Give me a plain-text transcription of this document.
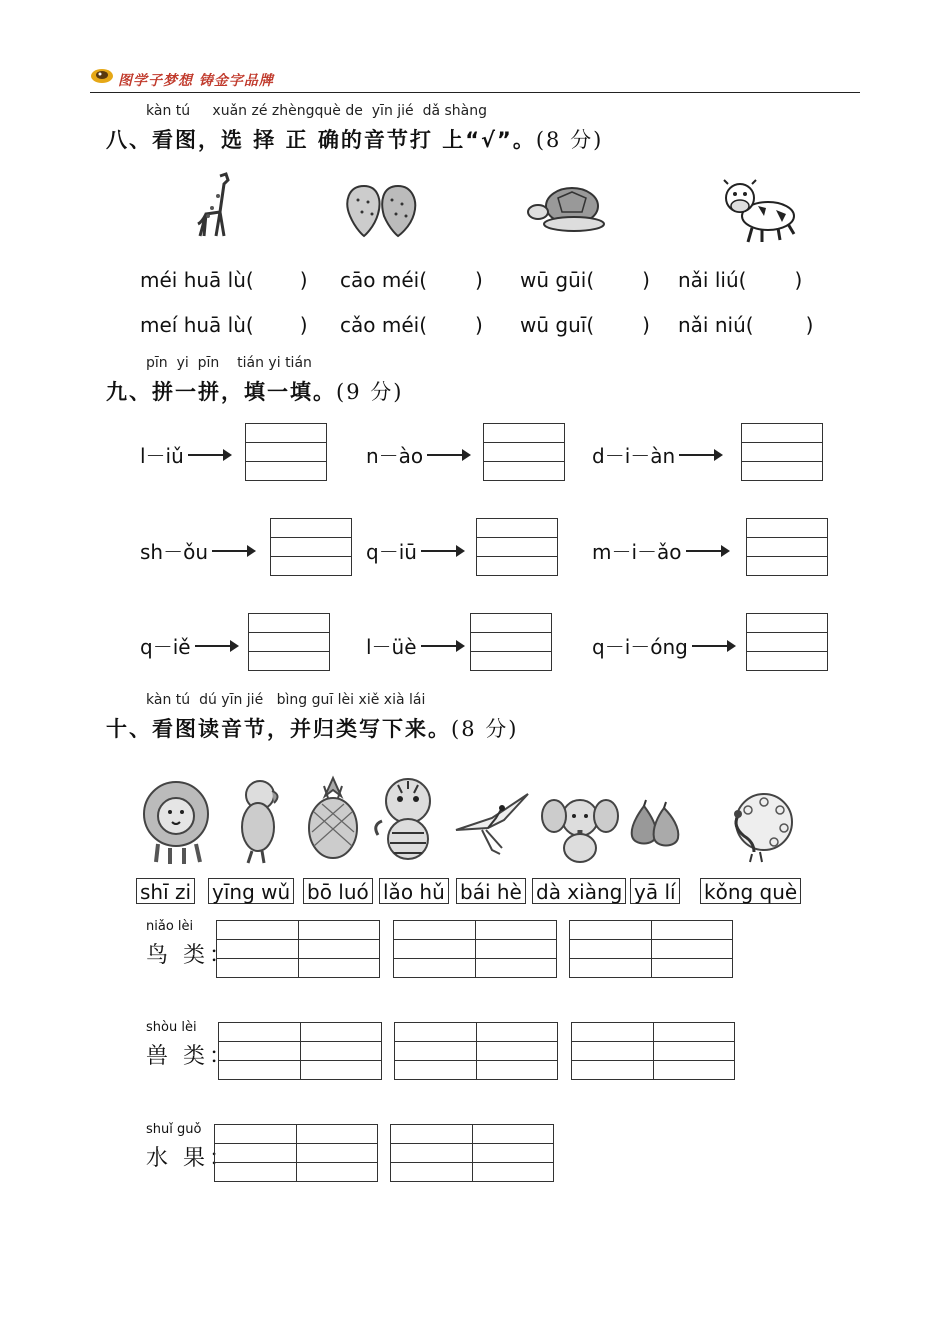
图学子梦想 铸金字品牌
kàn tú xuǎn zé zhèngquè de yīn jié dǎ shàng
八、看图，选 择 正 确的音节打 上“√”。(8 分)
méi huā lù( ) cāo méi( ) wū gūi( ) nǎi liú( )
meí huā lù( ) cǎo méi( ) wū guī( ) nǎi niú(	)
pīn yi pīn tián yi tián
九、拼一拼，填一填。(9 分)
l－iǔ	n－ào	d－i－àn
sh－ǒu	q－iū	m－i－ǎo
q－iě	l－üè	q－i－óng
kàn tú dú yīn jié bìng guī lèi xiě xià lái
十、看图读音节，并归类写下来。(8 分)
shī zi yīng wǔ bō luó lǎo hǔ bái hè dà xiàng yā lí kǒng què
niǎo lèi
鸟 类：
shòu lèi
兽 类：
shuǐ guǒ
水 果：
